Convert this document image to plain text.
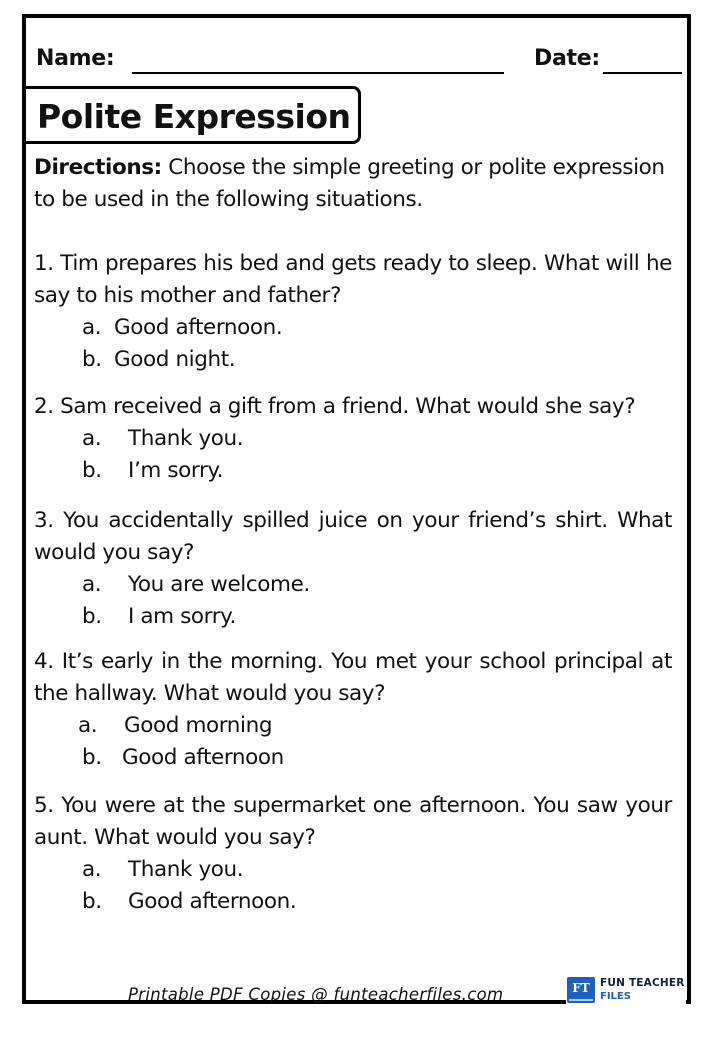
Name:	Date:
Polite Expression
Directions: Choose the simple greeting or polite expression to be used in the following situations.
1. Tim prepares his bed and gets ready to sleep. What will he say to his mother and father?
a. Good afternoon.
b. Good night.
2. Sam received a gift from a friend. What would she say?
a. Thank you.
b. I’m sorry.
3. You accidentally spilled juice on your friend’s shirt. What would you say?
a. You are welcome.
b. I am sorry.
4. It’s early in the morning. You met your school principal at the hallway. What would you say?
a. Good morning
b. Good afternoon
5. You were at the supermarket one afternoon. You saw your aunt. What would you say?
a. Thank you.
b. Good afternoon.
Printable PDF Copies @ funteacherfiles.com	FT FUN TEACHER
FILES
